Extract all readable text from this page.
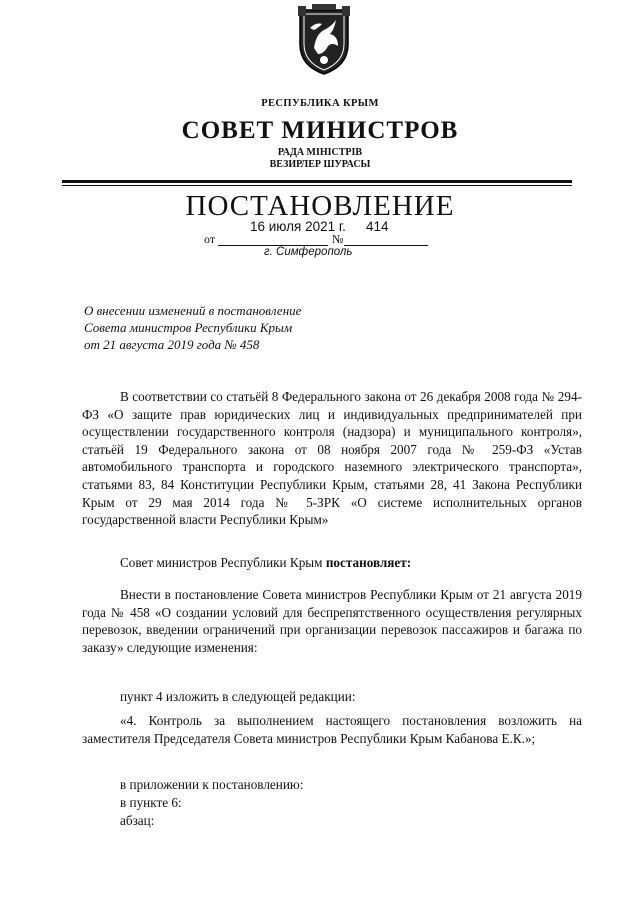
РЕСПУБЛИКА КРЫМ
СОВЕТ МИНИСТРОВ
РАДА МІНІСТРІВ
ВЕЗИРЛЕР ШУРАСЫ
ПОСТАНОВЛЕНИЕ
от
16 июля 2021 г.
№
414
г. Симферополь
О внесении изменений в постановление
Совета министров Республики Крым
от 21 августа 2019 года № 458
В соответствии со статьёй 8 Федерального закона от 26 декабря 2008 года № 294-ФЗ «О защите прав юридических лиц и индивидуальных предпринимателей при осуществлении государственного контроля (надзора) и муниципального контроля», статьёй 19 Федерального закона от 08 ноября 2007 года № 259-ФЗ «Устав автомобильного транспорта и городского наземного электрического транспорта», статьями 83, 84 Конституции Республики Крым, статьями 28, 41 Закона Республики Крым от 29 мая 2014 года № 5-ЗРК «О системе исполнительных органов государственной власти Республики Крым»
Совет министров Республики Крым постановляет:
Внести в постановление Совета министров Республики Крым от 21 августа 2019 года № 458 «О создании условий для беспрепятственного осуществления регулярных перевозок, введении ограничений при организации перевозок пассажиров и багажа по заказу» следующие изменения:
пункт 4 изложить в следующей редакции:
«4. Контроль за выполнением настоящего постановления возложить на заместителя Председателя Совета министров Республики Крым Кабанова Е.К.»;
в приложении к постановлению:
в пункте 6:
абзац:
